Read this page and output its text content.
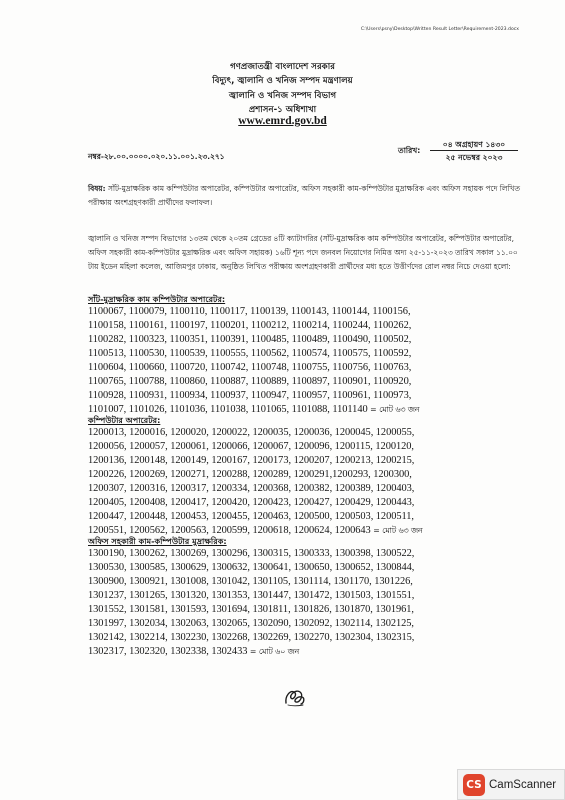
C:\Users\psny\Desktop\Written Result Letter\Requirement-2023.docx
গণপ্রজাতন্ত্রী বাংলাদেশ সরকার
বিদ্যুৎ, জ্বালানি ও খনিজ সম্পদ মন্ত্রণালয়
জ্বালানি ও খনিজ সম্পদ বিভাগ
প্রশাসন-১ অধিশাখা
www.emrd.gov.bd
তারিখ:
০৪ অগ্রহায়ণ ১৪৩০
২৫ নভেম্বর ২০২৩
নম্বর-২৮.০০.০০০০.০২০.১১.০০১.২৩.২৭১
বিষয়: সাঁট-মুদ্রাক্ষরিক কাম কম্পিউটার অপারেটর, কম্পিউটার অপারেটর, অফিস সহকারী কাম-কম্পিউটার মুদ্রাক্ষরিক এবং অফিস সহায়ক পদে লিখিত পরীক্ষায় অংশগ্রহণকারী প্রার্থীদের ফলাফল।
জ্বালানি ও খনিজ সম্পদ বিভাগের ১৩তম থেকে ২০তম গ্রেডের ৪টি ক্যাটাগরির (সাঁট-মুদ্রাক্ষরিক কাম কম্পিউটার অপারেটর, কম্পিউটার অপারেটর, অফিস সহকারী কাম-কম্পিউটার মুদ্রাক্ষরিক এবং অফিস সহায়ক) ১৬টি শূন্য পদে জনবল নিয়োগের নিমিত্ত অদ্য ২৫-১১-২০২৩ তারিখ সকাল ১১.০০ টায় ইডেন মহিলা কলেজ, আজিমপুর ঢাকায়, অনুষ্ঠিত লিখিত পরীক্ষায় অংশগ্রহণকারী প্রার্থীদের মধ্য হতে উত্তীর্ণদের রোল নম্বর নিচে দেওয়া হলো:
সাঁট-মুদ্রাক্ষরিক কাম কম্পিউটার অপারেটর:
1100067, 1100079, 1100110, 1100117, 1100139, 1100143, 1100144, 1100156,
1100158, 1100161, 1100197, 1100201, 1100212, 1100214, 1100244, 1100262,
1100282, 1100323, 1100351, 1100391, 1100485, 1100489, 1100490, 1100502,
1100513, 1100530, 1100539, 1100555, 1100562, 1100574, 1100575, 1100592,
1100604, 1100660, 1100720, 1100742, 1100748, 1100755, 1100756, 1100763,
1100765, 1100788, 1100860, 1100887, 1100889, 1100897, 1100901, 1100920,
1100928, 1100931, 1100934, 1100937, 1100947, 1100957, 1100961, 1100973,
1101007, 1101026, 1101036, 1101038, 1101065, 1101088, 1101140 = মোট ৬৩ জন
কম্পিউটার অপারেটর:
1200013, 1200016, 1200020, 1200022, 1200035, 1200036, 1200045, 1200055,
1200056, 1200057, 1200061, 1200066, 1200067, 1200096, 1200115, 1200120,
1200136, 1200148, 1200149, 1200167, 1200173, 1200207, 1200213, 1200215,
1200226, 1200269, 1200271, 1200288, 1200289, 1200291,1200293, 1200300,
1200307, 1200316, 1200317, 1200334, 1200368, 1200382, 1200389, 1200403,
1200405, 1200408, 1200417, 1200420, 1200423, 1200427, 1200429, 1200443,
1200447, 1200448, 1200453, 1200455, 1200463, 1200500, 1200503, 1200511,
1200551, 1200562, 1200563, 1200599, 1200618, 1200624, 1200643 = মোট ৬৩ জন
অফিস সহকারী কাম-কম্পিউটার মুদ্রাক্ষরিক:
1300190, 1300262, 1300269, 1300296, 1300315, 1300333, 1300398, 1300522,
1300530, 1300585, 1300629, 1300632, 1300641, 1300650, 1300652, 1300844,
1300900, 1300921, 1301008, 1301042, 1301105, 1301114, 1301170, 1301226,
1301237, 1301265, 1301320, 1301353, 1301447, 1301472, 1301503, 1301551,
1301552, 1301581, 1301593, 1301694, 1301811, 1301826, 1301870, 1301961,
1301997, 1302034, 1302063, 1302065, 1302090, 1302092, 1302114, 1302125,
1302142, 1302214, 1302230, 1302268, 1302269, 1302270, 1302304, 1302315,
1302317, 1302320, 1302338, 1302433 = মোট ৬০ জন
CS CamScanner
